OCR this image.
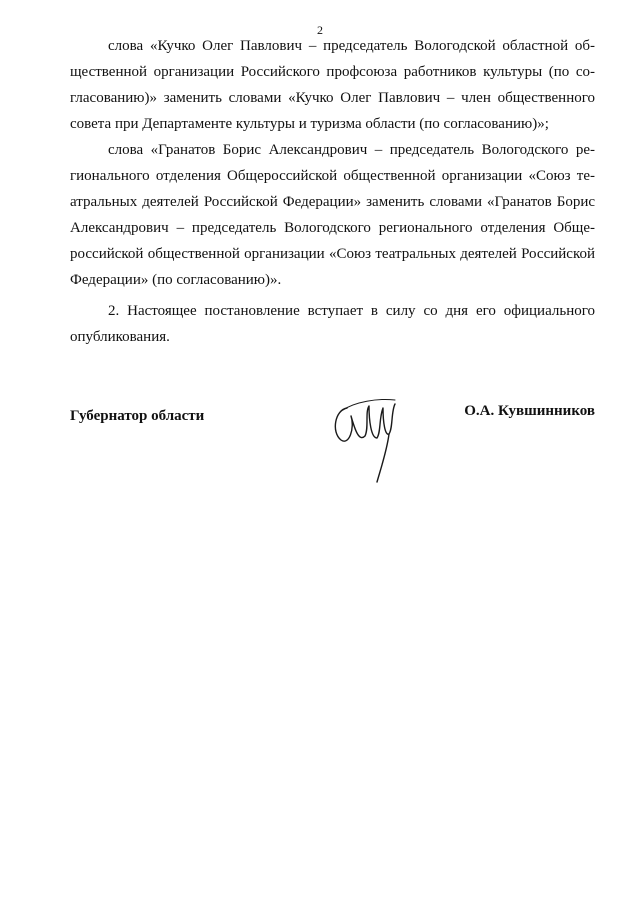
2
слова «Кучко Олег Павлович – председатель Вологодской областной об-
щественной организации Российского профсоюза работников культуры (по со-
гласованию)» заменить словами «Кучко Олег Павлович – член общественного
совета при Департаменте культуры и туризма области (по согласованию)»;
слова «Гранатов Борис Александрович – председатель Вологодского ре-
гионального отделения Общероссийской общественной организации «Союз те-
атральных деятелей Российской Федерации» заменить словами «Гранатов Борис
Александрович – председатель Вологодского регионального отделения Обще-
российской общественной организации «Союз театральных деятелей Российской
Федерации» (по согласованию)».
2. Настоящее постановление вступает в силу со дня его официального
опубликования.
Губернатор области	О.А. Кувшинников
